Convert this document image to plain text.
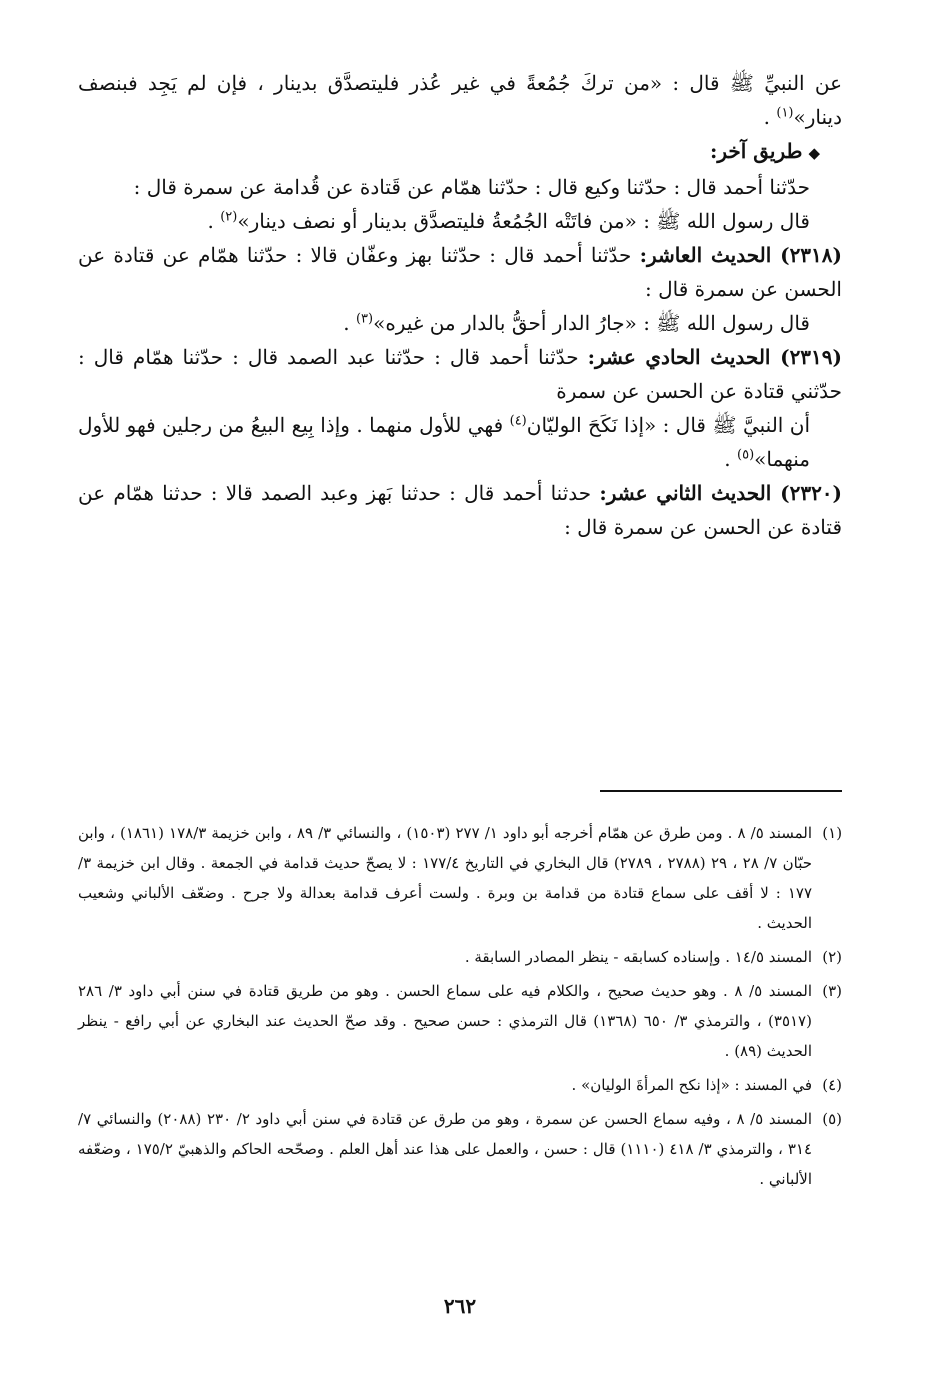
عن النبيِّ ﷺ قال : «من تركَ جُمُعةً في غير عُذر فليتصدَّق بدينار ، فإن لم يَجِد فبنصف دينار»$^{(١)}$ .

◆طريق آخر:

حدّثنا أحمد قال : حدّثنا وكيع قال : حدّثنا همّام عن قَتادة عن قُدامة عن سمرة قال :

قال رسول الله ﷺ : «من فاتَتْه الجُمُعةُ فليتصدَّق بدينار أو نصف دينار»$^{(٢)}$ .

(٢٣١٨) الحديث العاشر: حدّثنا أحمد قال : حدّثنا بهز وعفّان قالا : حدّثنا همّام عن قتادة عن الحسن عن سمرة قال :

قال رسول الله ﷺ : «جارُ الدار أحقُّ بالدار من غيره»$^{(٣)}$ .

(٢٣١٩) الحديث الحادي عشر: حدّثنا أحمد قال : حدّثنا عبد الصمد قال : حدّثنا همّام قال : حدّثني قتادة عن الحسن عن سمرة

أن النبيَّ ﷺ قال : «إذا نَكَحَ الوليّان$^{(٤)}$ فهي للأول منهما . وإذا بِيع البيعُ من رجلين فهو للأول منهما»$^{(٥)}$ .

(٢٣٢٠) الحديث الثاني عشر: حدثنا أحمد قال : حدثنا بَهز وعبد الصمد قالا : حدثنا همّام عن قتادة عن الحسن عن سمرة قال :

(١)المسند ٥/ ٨ . ومن طرق عن همّام أخرجه أبو داود ١/ ٢٧٧ (١٥٠٣) ، والنسائي ٣/ ٨٩ ، وابن خزيمة ١٧٨/٣ (١٨٦١) ، وابن حبّان ٧/ ٢٨ ، ٢٩ (٢٧٨٨ ، ٢٧٨٩) قال البخاري في التاريخ ١٧٧/٤ : لا يصحّ حديث قدامة في الجمعة . وقال ابن خزيمة ٣/ ١٧٧ : لا أقف على سماع قتادة من قدامة بن وبرة . ولست أعرف قدامة بعدالة ولا جرح . وضعّف الألباني وشعيب الحديث .

(٢)المسند ١٤/٥ . وإسناده كسابقه - ينظر المصادر السابقة .

(٣)المسند ٥/ ٨ . وهو حديث صحيح ، والكلام فيه على سماع الحسن . وهو من طريق قتادة في سنن أبي داود ٣/ ٢٨٦ (٣٥١٧) ، والترمذي ٣/ ٦٥٠ (١٣٦٨) قال الترمذي : حسن صحيح . وقد صحّ الحديث عند البخاري عن أبي رافع - ينظر الحديث (٨٩) .

(٤)في المسند : «إذا نكح المرأةَ الوليان» .

(٥)المسند ٥/ ٨ ، وفيه سماع الحسن عن سمرة ، وهو من طرق عن قتادة في سنن أبي داود ٢/ ٢٣٠ (٢٠٨٨) والنسائي ٧/ ٣١٤ ، والترمذي ٣/ ٤١٨ (١١١٠) قال : حسن ، والعمل على هذا عند أهل العلم . وصحّحه الحاكم والذهبيّ ١٧٥/٢ ، وضعّفه الألباني .

٢٦٢
